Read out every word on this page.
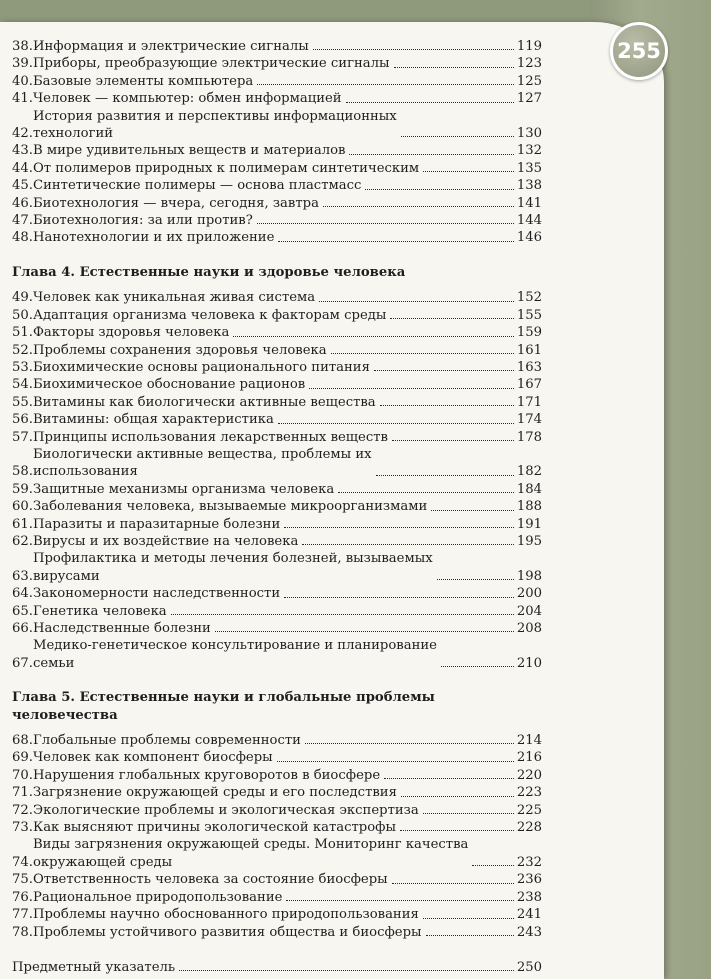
255
38. Информация и электрические сигналы	119
39. Приборы, преобразующие электрические сигналы	123
40. Базовые элементы компьютера	125
41. Человек — компьютер: обмен информацией	127
42.
История развития и перспективы информационных
технологий	130
43. В мире удивительных веществ и материалов	132
44. От полимеров природных к полимерам синтетическим	135
45. Синтетические полимеры — основа пластмасс	138
46. Биотехнология — вчера, сегодня, завтра	141
47. Биотехнология: за или против?	144
48. Нанотехнологии и их приложение	146
Глава 4. Естественные науки и здоровье человека
49. Человек как уникальная живая система	152
50. Адаптация организма человека к факторам среды	155
51. Факторы здоровья человека	159
52. Проблемы сохранения здоровья человека	161
53. Биохимические основы рационального питания	163
54. Биохимическое обоснование рационов	167
55. Витамины как биологически активные вещества	171
56. Витамины: общая характеристика	174
57. Принципы использования лекарственных веществ	178
58.
Биологически активные вещества, проблемы их
использования	182
59. Защитные механизмы организма человека	184
60. Заболевания человека, вызываемые микроорганизмами	188
61. Паразиты и паразитарные болезни	191
62. Вирусы и их воздействие на человека	195
63.
Профилактика и методы лечения болезней, вызываемых
вирусами	198
64. Закономерности наследственности	200
65. Генетика человека	204
66. Наследственные болезни	208
67.
Медико-генетическое консультирование и планирование
семьи	210
Глава 5. Естественные науки и глобальные проблемы человечества
68. Глобальные проблемы современности	214
69. Человек как компонент биосферы	216
70. Нарушения глобальных круговоротов в биосфере	220
71. Загрязнение окружающей среды и его последствия	223
72. Экологические проблемы и экологическая экспертиза	225
73. Как выясняют причины экологической катастрофы	228
74.
Виды загрязнения окружающей среды. Мониторинг качества
окружающей среды	232
75. Ответственность человека за состояние биосферы	236
76. Рациональное природопользование	238
77. Проблемы научно обоснованного природопользования	241
78. Проблемы устойчивого развития общества и биосферы	243
Предметный указатель	250
